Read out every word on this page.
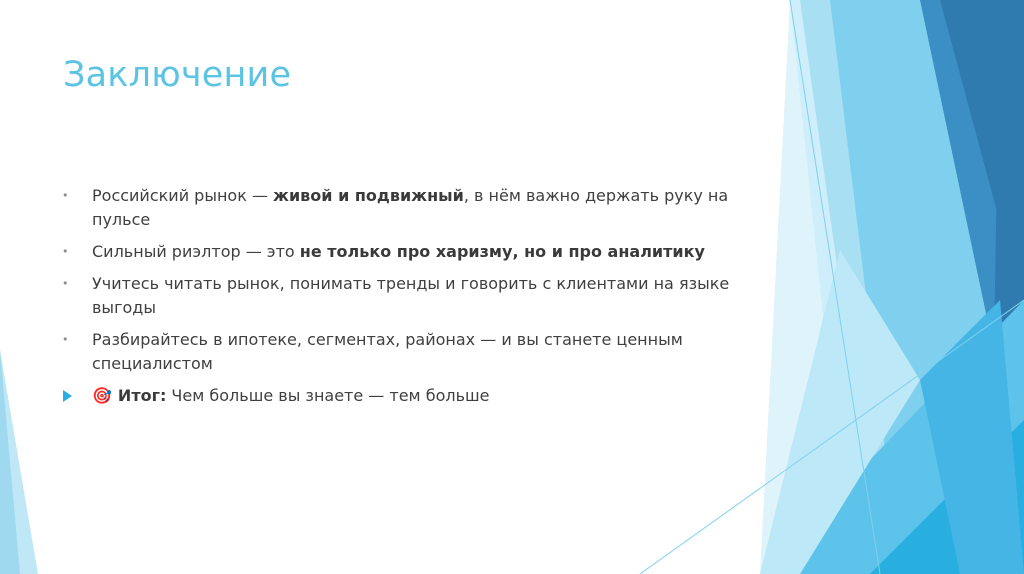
Заключение
• Российский рынок — живой и подвижный, в нём важно держать руку на пульсе
• Сильный риэлтор — это не только про харизму, но и про аналитику
• Учитесь читать рынок, понимать тренды и говорить с клиентами на языке выгоды
• Разбирайтесь в ипотеке, сегментах, районах — и вы станете ценным специалистом
🎯 Итог: Чем больше вы знаете — тем больше
